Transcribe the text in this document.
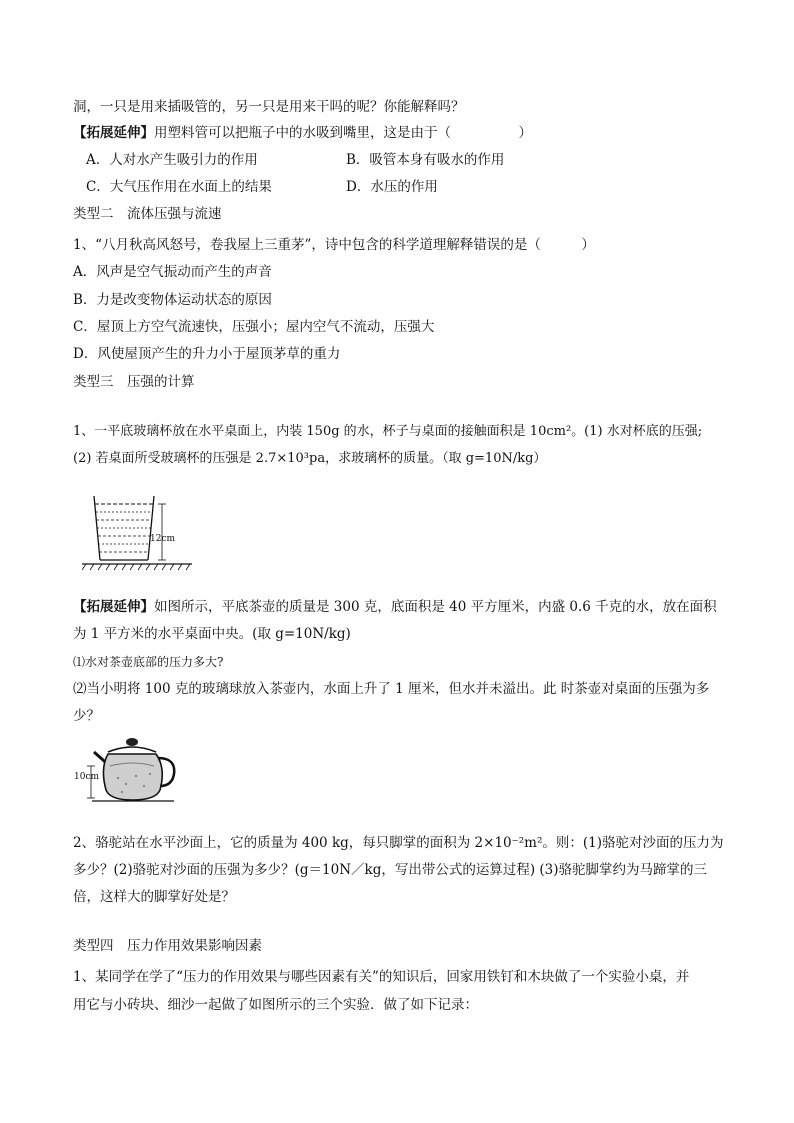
洞，一只是用来插吸管的，另一只是用来干吗的呢？你能解释吗？
【拓展延伸】用塑料管可以把瓶子中的水吸到嘴里，这是由于（　　　　　）
A．人对水产生吸引力的作用	B．吸管本身有吸水的作用
C．大气压作用在水面上的结果	D．水压的作用
类型二　流体压强与流速
1、“八月秋高风怒号，卷我屋上三重茅”，诗中包含的科学道理解释错误的是（　　　）
A．风声是空气振动而产生的声音
B．力是改变物体运动状态的原因
C．屋顶上方空气流速快，压强小；屋内空气不流动，压强大
D．风使屋顶产生的升力小于屋顶茅草的重力
类型三　压强的计算
1、一平底玻璃杯放在水平桌面上，内装 150g 的水，杯子与桌面的接触面积是 10cm²。(1) 水对杯底的压强;
(2) 若桌面所受玻璃杯的压强是 2.7×10³pa，求玻璃杯的质量。（取 g=10N/kg）
12cm
【拓展延伸】如图所示，平底茶壶的质量是 300 克，底面积是 40 平方厘米，内盛 0.6 千克的水，放在面积
为 1 平方米的水平桌面中央。(取 g=10N/kg)
⑴水对茶壶底部的压力多大?
⑵当小明将 100 克的玻璃球放入茶壶内，水面上升了 1 厘米，但水并未溢出。此 时茶壶对桌面的压强为多
少？
10cm
2、骆驼站在水平沙面上，它的质量为 400 kg，每只脚掌的面积为 2×10⁻²m²。则：(1)骆驼对沙面的压力为
多少？(2)骆驼对沙面的压强为多少？(g＝10N／kg，写出带公式的运算过程) (3)骆驼脚掌约为马蹄掌的三
倍，这样大的脚掌好处是？
类型四　压力作用效果影响因素
1、某同学在学了“压力的作用效果与哪些因素有关”的知识后，回家用铁钉和木块做了一个实验小桌，并
用它与小砖块、细沙一起做了如图所示的三个实验．做了如下记录：
